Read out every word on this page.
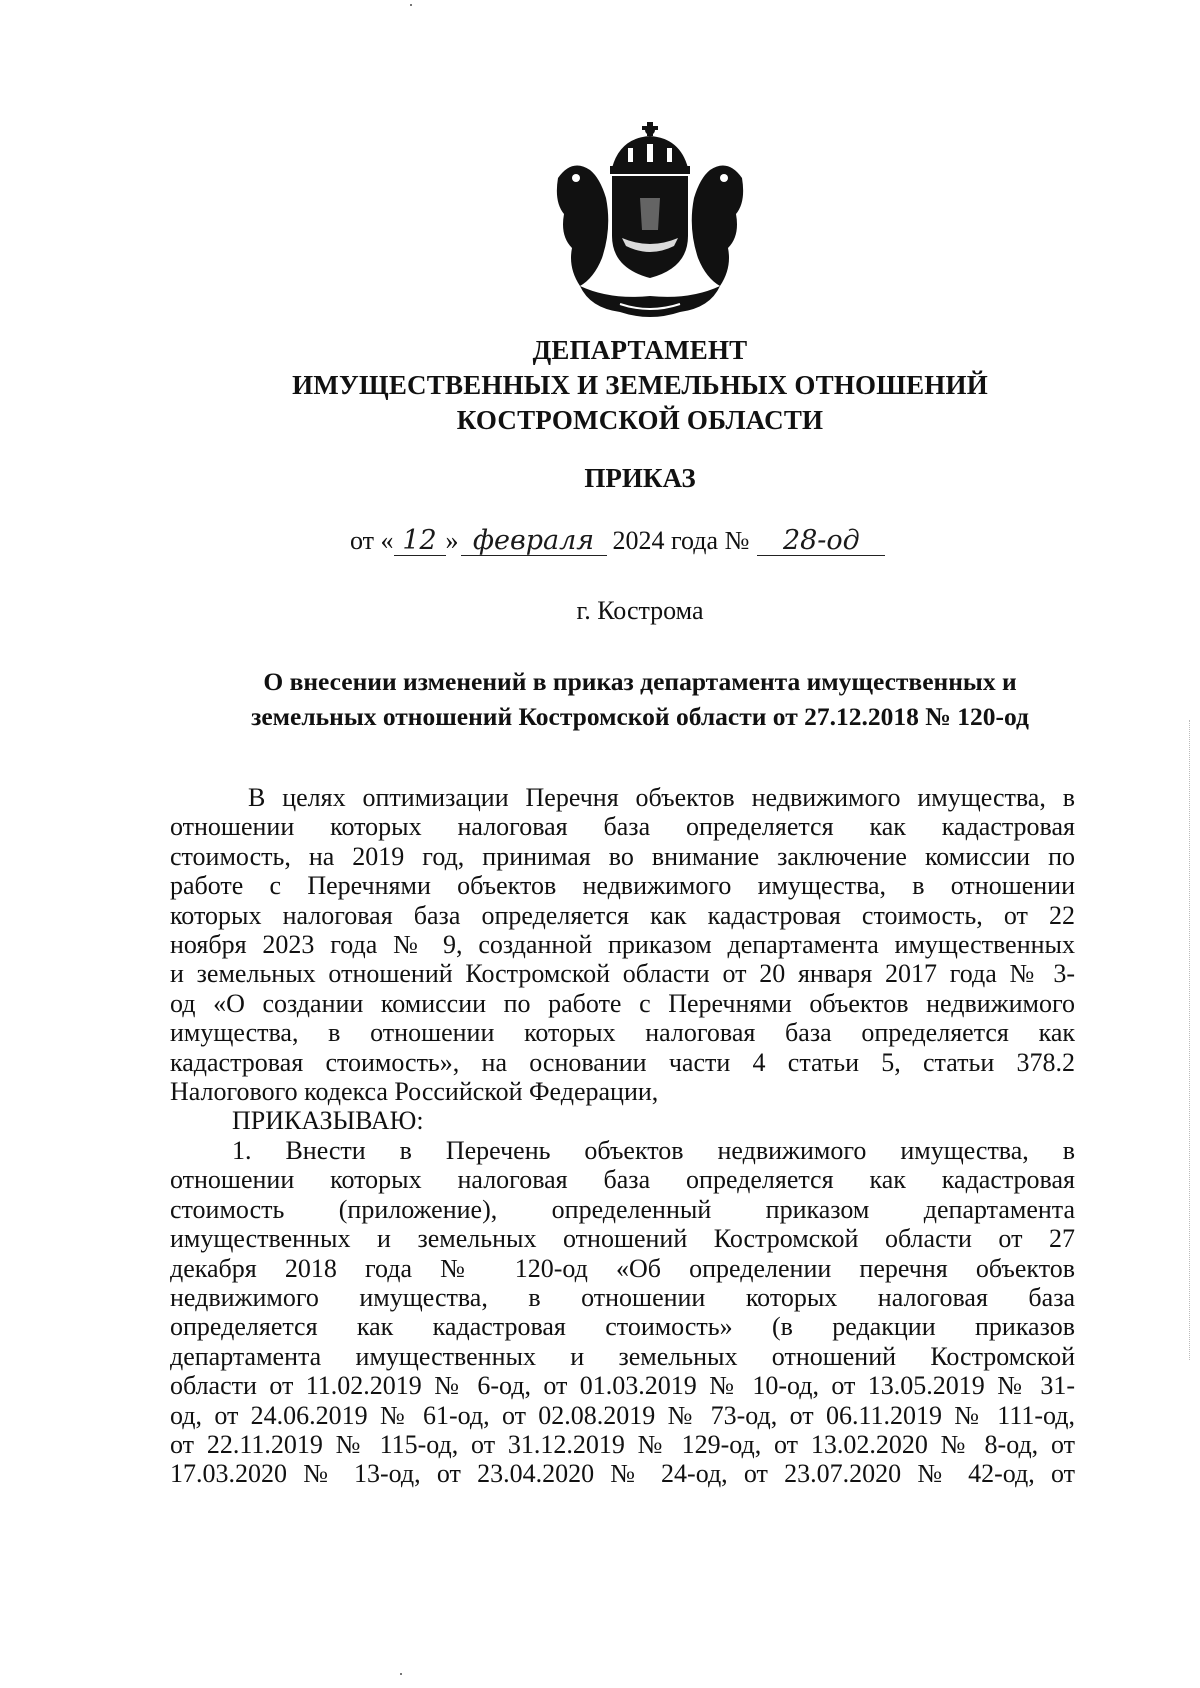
ДЕПАРТАМЕНТ
ИМУЩЕСТВЕННЫХ И ЗЕМЕЛЬНЫХ ОТНОШЕНИЙ
КОСТРОМСКОЙ ОБЛАСТИ
ПРИКАЗ
от « 12 » февраля 2024 года №	28-од
г. Кострома
О внесении изменений в приказ департамента имущественных и
земельных отношений Костромской области от 27.12.2018 № 120-од
В целях оптимизации Перечня объектов недвижимого имущества, в
отношении которых налоговая база определяется как кадастровая
стоимость, на 2019 год, принимая во внимание заключение комиссии по
работе с Перечнями объектов недвижимого имущества, в отношении
которых налоговая база определяется как кадастровая стоимость, от 22
ноября 2023 года № 9, созданной приказом департамента имущественных
и земельных отношений Костромской области от 20 января 2017 года № 3-
од «О создании комиссии по работе с Перечнями объектов недвижимого
имущества, в отношении которых налоговая база определяется как
кадастровая стоимость», на основании части 4 статьи 5, статьи 378.2
Налогового кодекса Российской Федерации,
ПРИКАЗЫВАЮ:
1. Внести в Перечень объектов недвижимого имущества, в
отношении которых налоговая база определяется как кадастровая
стоимость (приложение), определенный приказом департамента
имущественных и земельных отношений Костромской области от 27
декабря 2018 года № 120-од «Об определении перечня объектов
недвижимого имущества, в отношении которых налоговая база
определяется как кадастровая стоимость» (в редакции приказов
департамента имущественных и земельных отношений Костромской
области от 11.02.2019 № 6-од, от 01.03.2019 № 10-од, от 13.05.2019 № 31-
од, от 24.06.2019 № 61-од, от 02.08.2019 № 73-од, от 06.11.2019 № 111-од,
от 22.11.2019 № 115-од, от 31.12.2019 № 129-од, от 13.02.2020 № 8-од, от
17.03.2020 № 13-од, от 23.04.2020 № 24-од, от 23.07.2020 № 42-од, от
